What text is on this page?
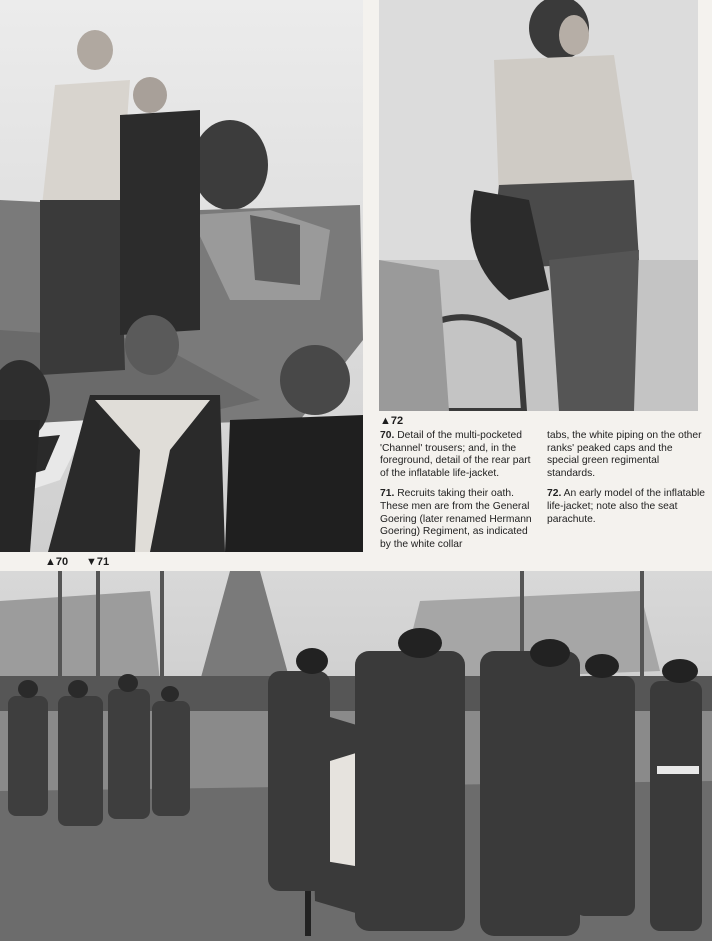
▲72

70. Detail of the multi-pocketed 'Channel' trousers; and, in the foreground, detail of the rear part of the inflatable life-jacket.

71. Recruits taking their oath. These men are from the General Goering (later renamed Hermann Goering) Regiment, as indicated by the white collar

tabs, the white piping on the other ranks' peaked caps and the special green regimental standards.

72. An early model of the inflatable life-jacket; note also the seat parachute.

▲70 ▼71
